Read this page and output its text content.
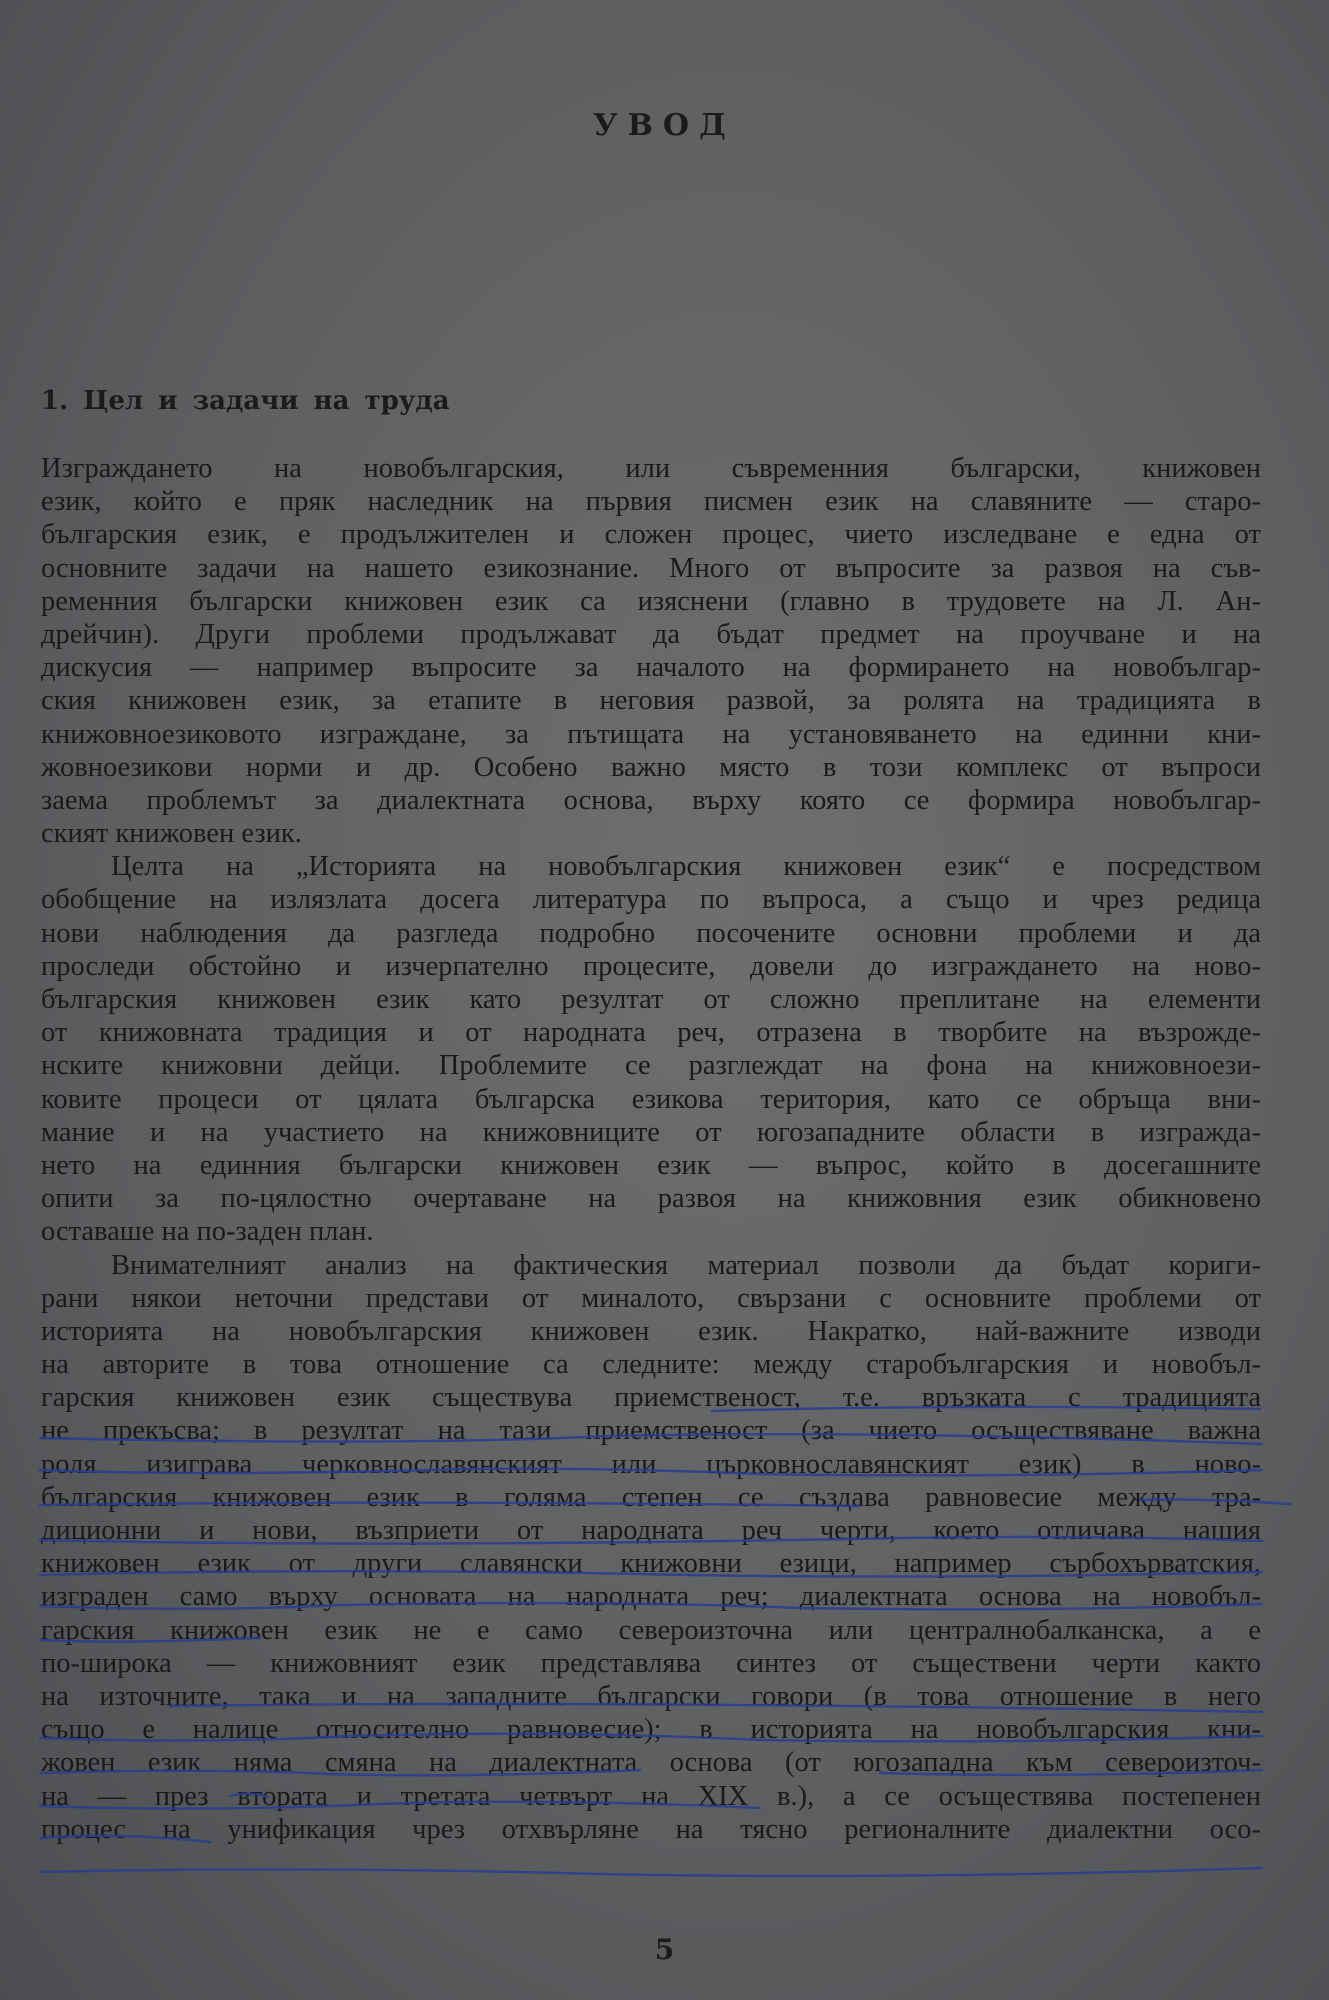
УВОД
1. Цел и задачи на труда
Изграждането на новобългарския, или съвременния български, книжовен
език, който е пряк наследник на първия писмен език на славяните — старо-
българския език, е продължителен и сложен процес, чието изследване е една от
основните задачи на нашето езикознание. Много от въпросите за развоя на съв-
ременния български книжовен език са изяснени (главно в трудовете на Л. Ан-
дрейчин). Други проблеми продължават да бъдат предмет на проучване и на
дискусия — например въпросите за началото на формирането на новобългар-
ския книжовен език, за етапите в неговия развой, за ролята на традицията в
книжовноезиковото изграждане, за пътищата на установяването на единни кни-
жовноезикови норми и др. Особено важно място в този комплекс от въпроси
заема проблемът за диалектната основа, върху която се формира новобългар-
ският книжовен език.
Целта на „Историята на новобългарския книжовен език“ е посредством
обобщение на излязлата досега литература по въпроса, а също и чрез редица
нови наблюдения да разгледа подробно посочените основни проблеми и да
проследи обстойно и изчерпателно процесите, довели до изграждането на ново-
българския книжовен език като резултат от сложно преплитане на елементи
от книжовната традиция и от народната реч, отразена в творбите на възрожде-
нските книжовни дейци. Проблемите се разглеждат на фона на книжовноези-
ковите процеси от цялата българска езикова територия, като се обръща вни-
мание и на участието на книжовниците от югозападните области в изгражда-
нето на единния български книжовен език — въпрос, който в досегашните
опити за по-цялостно очертаване на развоя на книжовния език обикновено
оставаше на по-заден план.
Внимателният анализ на фактическия материал позволи да бъдат кориги-
рани някои неточни представи от миналото, свързани с основните проблеми от
историята на новобългарския книжовен език. Накратко, най-важните изводи
на авторите в това отношение са следните: между старобългарския и новобъл-
гарския книжовен език съществува приемственост, т.е. връзката с традицията
не прекъсва; в резултат на тази приемственост (за чието осъществяване важна
роля изиграва черковнославянският или църковнославянският език) в ново-
българския книжовен език в голяма степен се създава равновесие между тра-
диционни и нови, възприети от народната реч черти, което отличава нашия
книжовен език от други славянски книжовни езици, например сърбохърватския,
изграден само върху основата на народната реч; диалектната основа на новобъл-
гарския книжовен език не е само североизточна или централнобалканска, а е
по-широка — книжовният език представлява синтез от съществени черти както
на източните, така и на западните български говори (в това отношение в него
също е налице относително равновесие); в историята на новобългарския кни-
жовен език няма смяна на диалектната основа (от югозападна към североизточ-
на — през втората и третата четвърт на XIX в.), а се осъществява постепенен
процес на унификация чрез отхвърляне на тясно регионалните диалектни осо-
5
